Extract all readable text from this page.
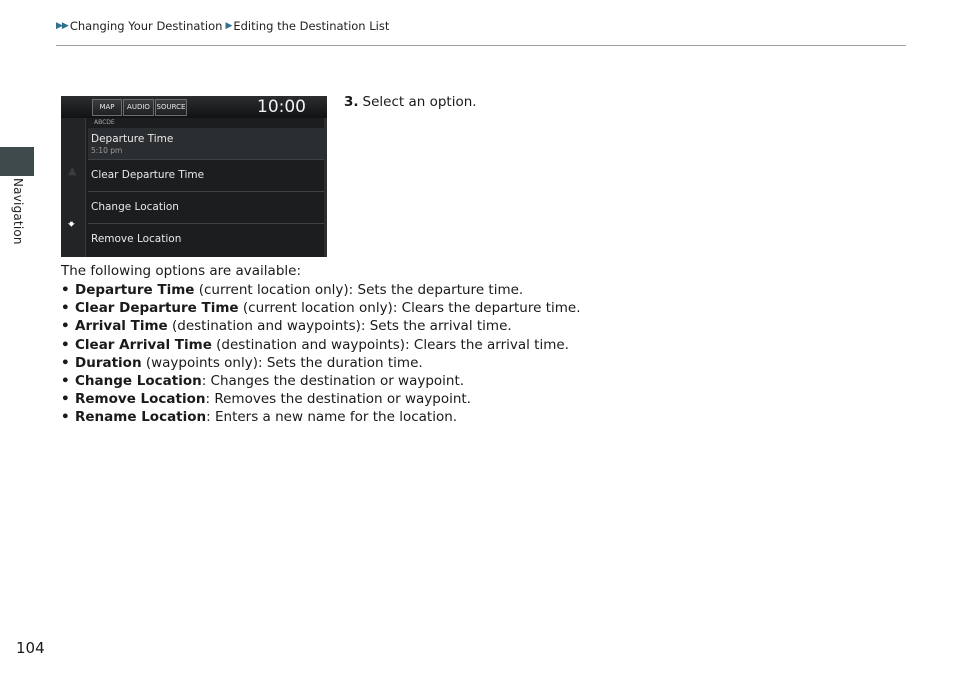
▶ ▶ Changing Your Destination ▶ Editing the Destination List
Navigation
MAP	AUDIO SOURCE	10:00
▲
🠻
ABCDE
Departure Time
5:10 pm
Clear Departure Time
Change Location
Remove Location
3. Select an option.
The following options are available:
• Departure Time (current location only): Sets the departure time.
• Clear Departure Time (current location only): Clears the departure time.
• Arrival Time (destination and waypoints): Sets the arrival time.
• Clear Arrival Time (destination and waypoints): Clears the arrival time.
• Duration (waypoints only): Sets the duration time.
• Change Location: Changes the destination or waypoint.
• Remove Location: Removes the destination or waypoint.
• Rename Location: Enters a new name for the location.
104
